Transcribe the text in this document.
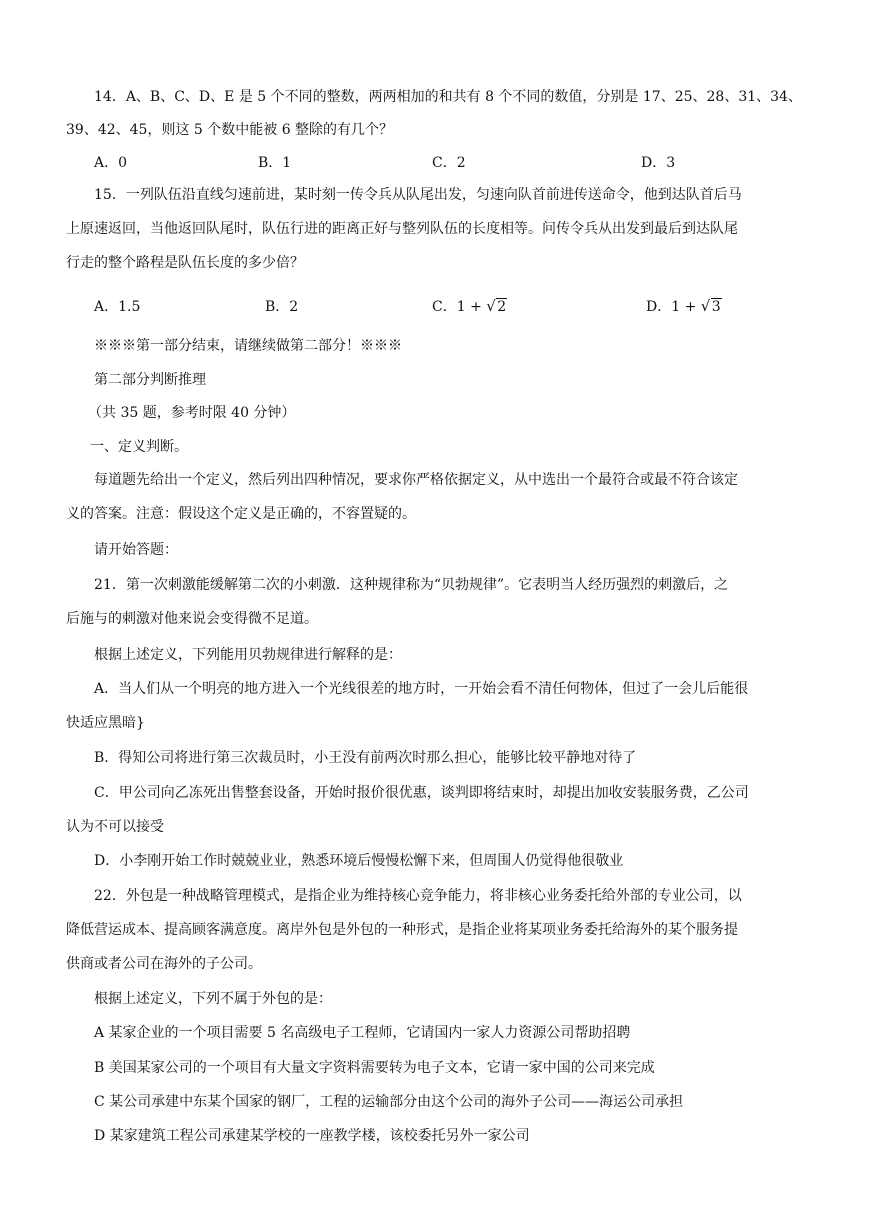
14．A、B、C、D、E 是 5 个不同的整数，两两相加的和共有 8 个不同的数值，分别是 17、25、28、31、34、
39、42、45，则这 5 个数中能被 6 整除的有几个？
A．0	B．1	C．2	D．3
15．一列队伍沿直线匀速前进，某时刻一传令兵从队尾出发，匀速向队首前进传送命令，他到达队首后马
上原速返回，当他返回队尾时，队伍行进的距离正好与整列队伍的长度相等。问传令兵从出发到最后到达队尾
行走的整个路程是队伍长度的多少倍？
A．1.5	B．2	C．1 + √ 2	D．1 + √ 3
※※※第一部分结束，请继续做第二部分！※※※
第二部分判断推理
（共 35 题，参考时限 40 分钟）
一、定义判断。
每道题先给出一个定义，然后列出四种情况，要求你严格依据定义，从中选出一个最符合或最不符合该定
义的答案。注意：假设这个定义是正确的，不容置疑的。
请开始答题：
21．第一次刺激能缓解第二次的小刺激．这种规律称为“贝勃规律”。它表明当人经历强烈的刺激后，之
后施与的刺激对他来说会变得微不足道。
根据上述定义，下列能用贝勃规律进行解释的是：
A．当人们从一个明亮的地方进入一个光线很差的地方时，一开始会看不清任何物体，但过了一会儿后能很
快适应黑暗}
B．得知公司将进行第三次裁员时，小王没有前两次时那么担心，能够比较平静地对待了
C．甲公司向乙冻死出售整套设备，开始时报价很优惠，谈判即将结束时，却提出加收安装服务费，乙公司
认为不可以接受
D．小李刚开始工作时兢兢业业，熟悉环境后慢慢松懈下来，但周围人仍觉得他很敬业
22．外包是一种战略管理模式，是指企业为维持核心竞争能力，将非核心业务委托给外部的专业公司，以
降低营运成本、提高顾客满意度。离岸外包是外包的一种形式，是指企业将某项业务委托给海外的某个服务提
供商或者公司在海外的子公司。
根据上述定义，下列不属于外包的是：
A 某家企业的一个项目需要 5 名高级电子工程师，它请国内一家人力资源公司帮助招聘
B 美国某家公司的一个项目有大量文字资料需要转为电子文本，它请一家中国的公司来完成
C 某公司承建中东某个国家的钢厂，工程的运输部分由这个公司的海外子公司——海运公司承担
D 某家建筑工程公司承建某学校的一座教学楼，该校委托另外一家公司
